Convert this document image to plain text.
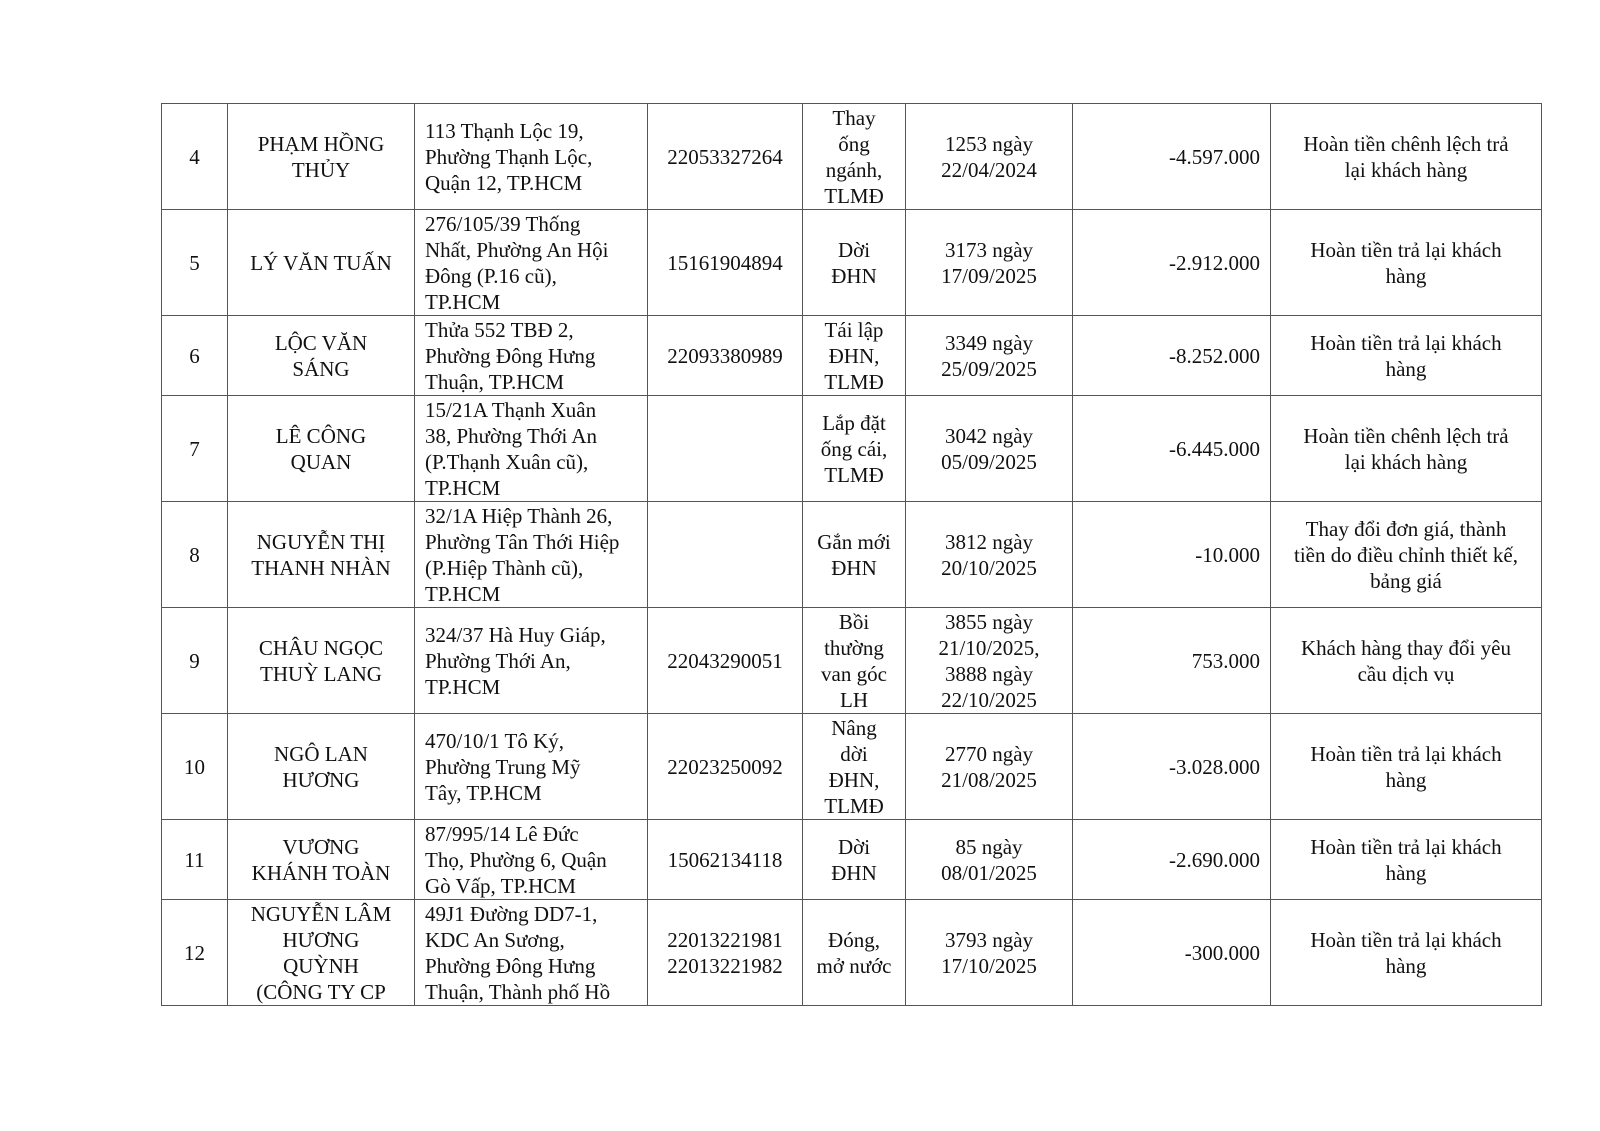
4	PHẠM HỒNG
THỦY	113 Thạnh Lộc 19,
Phường Thạnh Lộc,
Quận 12, TP.HCM	22053327264	Thay
ống
ngánh,
TLMĐ	1253 ngày
22/04/2024	-4.597.000	Hoàn tiền chênh lệch trả
lại khách hàng

5	LÝ VĂN TUẤN	276/105/39 Thống
Nhất, Phường An Hội
Đông (P.16 cũ),
TP.HCM	15161904894	Dời
ĐHN	3173 ngày
17/09/2025	-2.912.000	Hoàn tiền trả lại khách
hàng

6	LỘC VĂN
SÁNG	Thửa 552 TBĐ 2,
Phường Đông Hưng
Thuận, TP.HCM	22093380989	Tái lập
ĐHN,
TLMĐ	3349 ngày
25/09/2025	-8.252.000	Hoàn tiền trả lại khách
hàng

7	LÊ CÔNG
QUAN	15/21A Thạnh Xuân
38, Phường Thới An
(P.Thạnh Xuân cũ),
TP.HCM		Lắp đặt
ống cái,
TLMĐ	3042 ngày
05/09/2025	-6.445.000	Hoàn tiền chênh lệch trả
lại khách hàng

8	NGUYỄN THỊ
THANH NHÀN	32/1A Hiệp Thành 26,
Phường Tân Thới Hiệp
(P.Hiệp Thành cũ),
TP.HCM		Gắn mới
ĐHN	3812 ngày
20/10/2025	-10.000	Thay đổi đơn giá, thành
tiền do điều chỉnh thiết kế,
bảng giá

9	CHÂU NGỌC
THUỲ LANG	324/37 Hà Huy Giáp,
Phường Thới An,
TP.HCM	22043290051	Bồi
thường
van góc
LH	3855 ngày
21/10/2025,
3888 ngày
22/10/2025	753.000	Khách hàng thay đổi yêu
cầu dịch vụ

10	NGÔ LAN
HƯƠNG	470/10/1 Tô Ký,
Phường Trung Mỹ
Tây, TP.HCM	22023250092	Nâng
dời
ĐHN,
TLMĐ	2770 ngày
21/08/2025	-3.028.000	Hoàn tiền trả lại khách
hàng

11	VƯƠNG
KHÁNH TOÀN	87/995/14 Lê Đức
Thọ, Phường 6, Quận
Gò Vấp, TP.HCM	15062134118	Dời
ĐHN	85 ngày
08/01/2025	-2.690.000	Hoàn tiền trả lại khách
hàng

12	NGUYỄN LÂM
HƯƠNG
QUỲNH
(CÔNG TY CP	49J1 Đường DD7-1,
KDC An Sương,
Phường Đông Hưng
Thuận, Thành phố Hồ	22013221981
22013221982	Đóng,
mở nước	3793 ngày
17/10/2025	-300.000	Hoàn tiền trả lại khách
hàng
